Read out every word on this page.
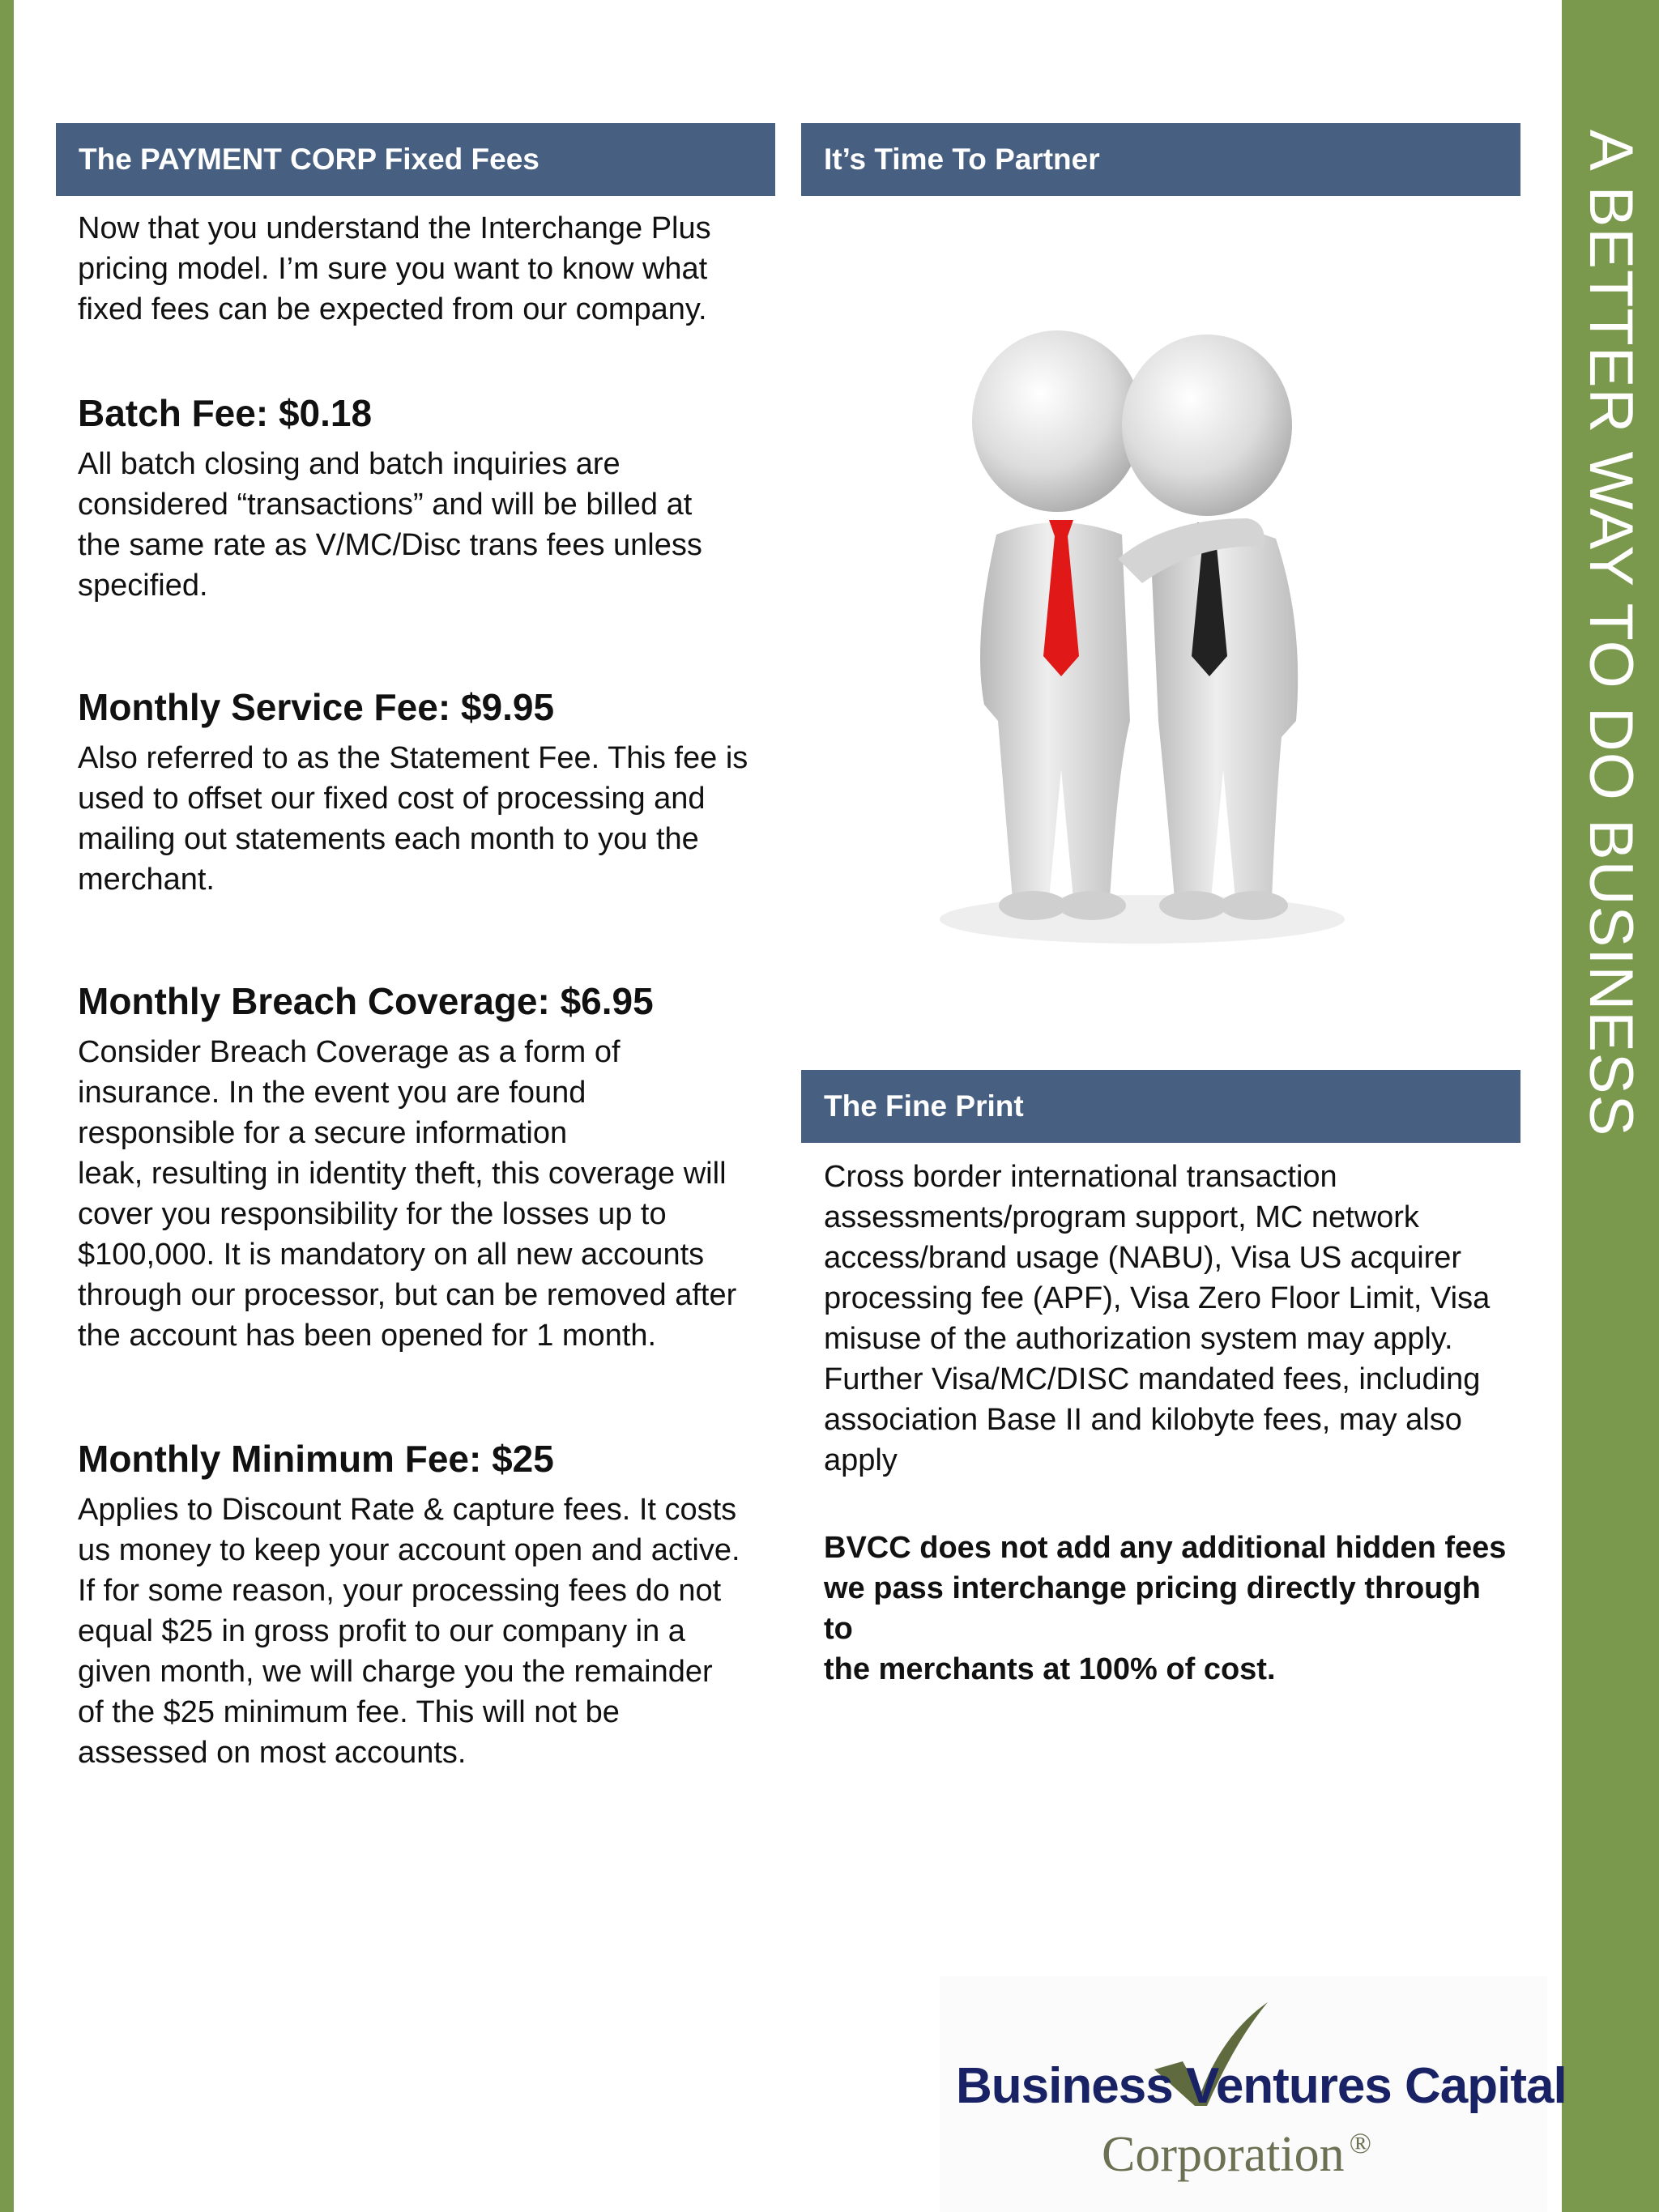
A BETTER WAY TO DO BUSINESS
The PAYMENT CORP Fixed Fees

Now that you understand the Interchange Plus pricing model. I’m sure you want to know what fixed fees can be expected from our company.

Batch Fee: $0.18

All batch closing and batch inquiries are

considered “transactions” and will be billed at

the same rate as V/MC/Disc trans fees unless

specified.

Monthly Service Fee: $9.95

Also referred to as the Statement Fee. This fee is

used to offset our fixed cost of processing and

mailing out statements each month to you the

merchant.

Monthly Breach Coverage: $6.95

Consider Breach Coverage as a form of

insurance. In the event you are found

responsible for a secure information

leak, resulting in identity theft, this coverage will

cover you responsibility for the losses up to

$100,000. It is mandatory on all new accounts

through our processor, but can be removed after

the account has been opened for 1 month.

Monthly Minimum Fee: $25

Applies to Discount Rate & capture fees. It costs

us money to keep your account open and active.

If for some reason, your processing fees do not

equal $25 in gross profit to our company in a

given month, we will charge you the remainder

of the $25 minimum fee. This will not be

assessed on most accounts.

It’s Time To Partner
The Fine Print

Cross border international transaction

assessments/program support, MC network

access/brand usage (NABU), Visa US acquirer

processing fee (APF), Visa Zero Floor Limit, Visa

misuse of the authorization system may apply.

Further Visa/MC/DISC mandated fees, including

association Base II and kilobyte fees, may also

apply

BVCC does not add any additional hidden fees

we pass interchange pricing directly through to

the merchants at 100% of cost.

Business Ventures Capital
Corporation ®
